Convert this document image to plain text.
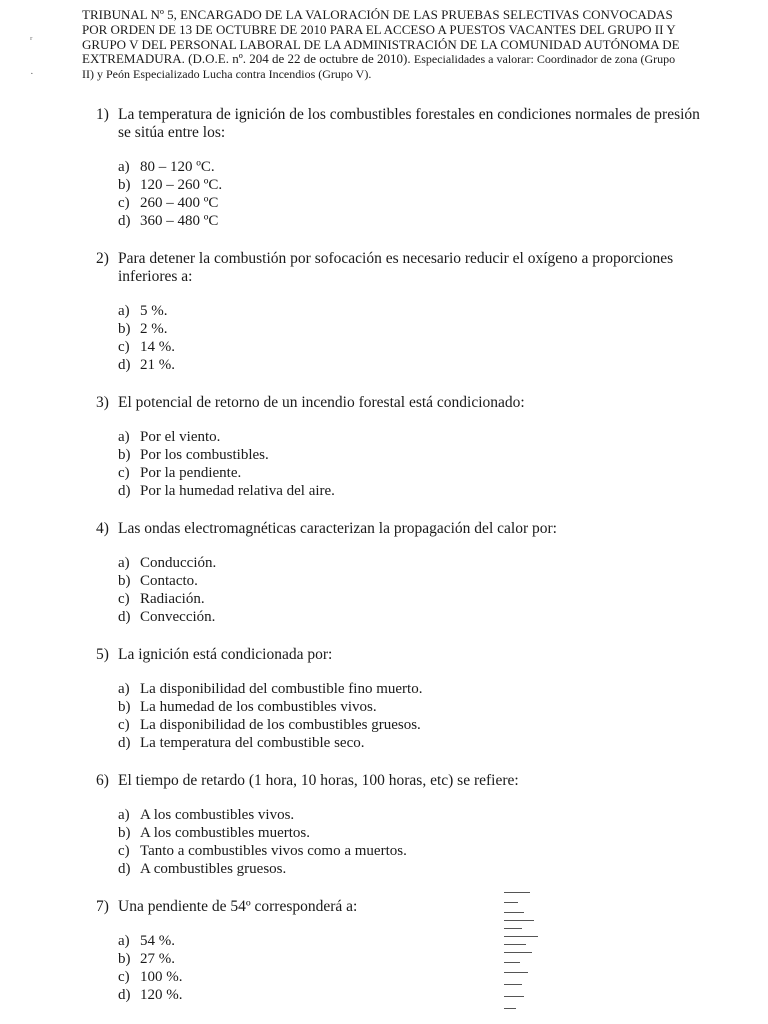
ʳ
·
TRIBUNAL Nº 5, ENCARGADO DE LA VALORACIÓN DE LAS PRUEBAS SELECTIVAS CONVOCADAS
POR ORDEN DE 13 DE OCTUBRE DE 2010 PARA EL ACCESO A PUESTOS VACANTES DEL GRUPO II Y
GRUPO V DEL PERSONAL LABORAL DE LA ADMINISTRACIÓN DE LA COMUNIDAD AUTÓNOMA DE
EXTREMADURA. (D.O.E. nº. 204 de 22 de octubre de 2010). Especialidades a valorar: Coordinador de zona (Grupo
II) y Peón Especializado Lucha contra Incendios (Grupo V).
1) La temperatura de ignición de los combustibles forestales en condiciones normales de presión se sitúa entre los:
a) 80 – 120 ºC.
b) 120 – 260 ºC.
c) 260 – 400 ºC
d) 360 – 480 ºC
2) Para detener la combustión por sofocación es necesario reducir el oxígeno a proporciones inferiores a:
a) 5 %.
b) 2 %.
c) 14 %.
d) 21 %.
3) El potencial de retorno de un incendio forestal está condicionado:
a) Por el viento.
b) Por los combustibles.
c) Por la pendiente.
d) Por la humedad relativa del aire.
4) Las ondas electromagnéticas caracterizan la propagación del calor por:
a) Conducción.
b) Contacto.
c) Radiación.
d) Convección.
5) La ignición está condicionada por:
a) La disponibilidad del combustible fino muerto.
b) La humedad de los combustibles vivos.
c) La disponibilidad de los combustibles gruesos.
d) La temperatura del combustible seco.
6) El tiempo de retardo (1 hora, 10 horas, 100 horas, etc) se refiere:
a) A los combustibles vivos.
b) A los combustibles muertos.
c) Tanto a combustibles vivos como a muertos.
d) A combustibles gruesos.
7) Una pendiente de 54º corresponderá a:
a) 54 %.
b) 27 %.
c) 100 %.
d) 120 %.
